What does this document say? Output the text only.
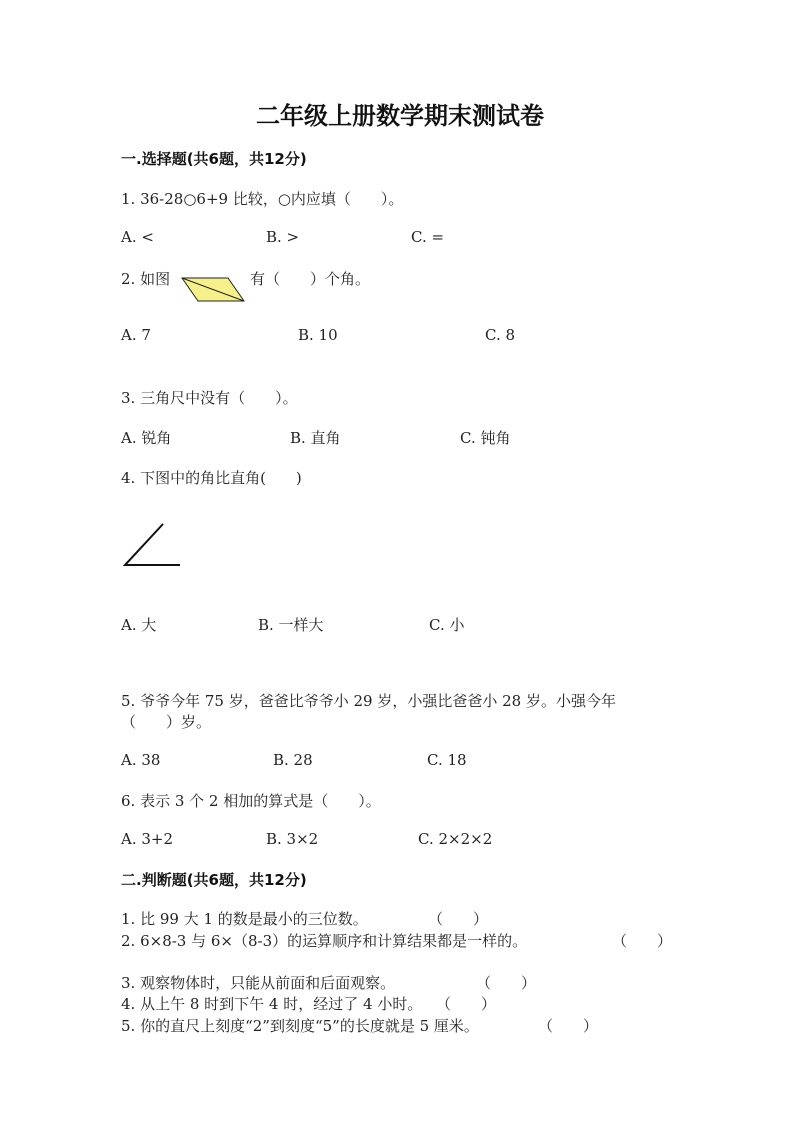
二年级上册数学期末测试卷
一.选择题(共6题，共12分)
1. 36-28○6+9 比较，○内应填（　　）。
A. <	B. >	C. =
2. 如图	有（　　）个角。
A. 7	B. 10	C. 8
3. 三角尺中没有（　　）。
A. 锐角	B. 直角	C. 钝角
4. 下图中的角比直角(　　)
A. 大	B. 一样大	C. 小
5. 爷爷今年 75 岁，爸爸比爷爷小 29 岁，小强比爸爸小 28 岁。小强今年
（　　）岁。
A. 38	B. 28	C. 18
6. 表示 3 个 2 相加的算式是（　　）。
A. 3+2	B. 3×2	C. 2×2×2
二.判断题(共6题，共12分)
1. 比 99 大 1 的数是最小的三位数。	（　　）
2. 6×8-3 与 6×（8-3）的运算顺序和计算结果都是一样的。	（　　）
3. 观察物体时，只能从前面和后面观察。	（　　）
4. 从上午 8 时到下午 4 时，经过了 4 小时。 （　　）
5. 你的直尺上刻度“2”到刻度“5”的长度就是 5 厘米。	（　　）
